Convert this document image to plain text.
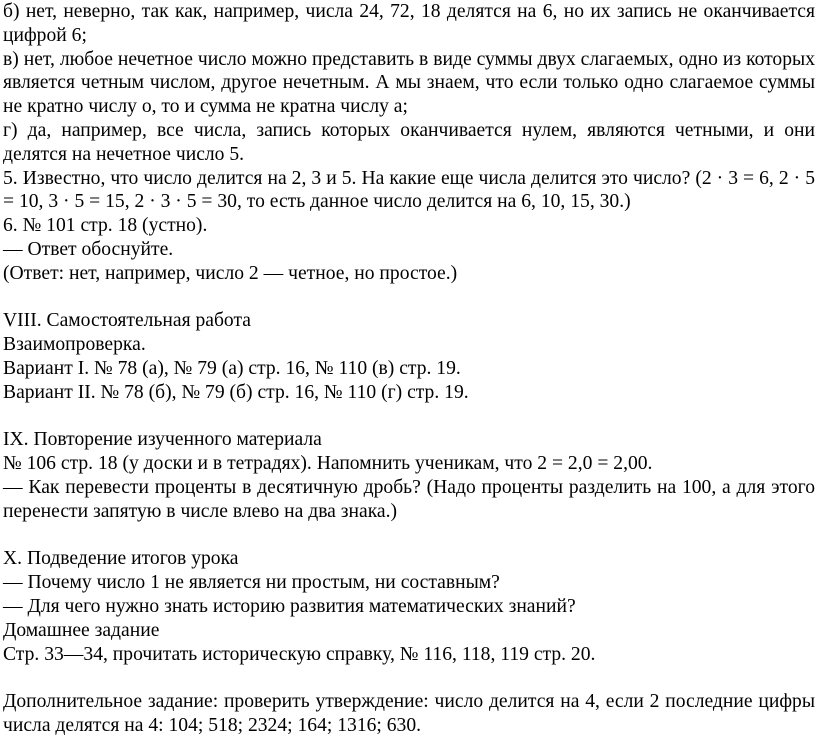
б) нет, неверно, так как, например, числа 24, 72, 18 делятся на 6, но их запись не оканчивается цифрой 6;

в) нет, любое нечетное число можно представить в виде суммы двух слагаемых, одно из которых является четным числом, другое нечетным. А мы знаем, что если только одно слагаемое суммы не кратно числу о, то и сумма не кратна числу а;

г) да, например, все числа, запись которых оканчивается нулем, являются четными, и они делятся на нечетное число 5.

5. Известно, что число делится на 2, 3 и 5. На какие еще числа делится это число? (2 · 3 = 6, 2 · 5 = 10, 3 · 5 = 15, 2 · 3 · 5 = 30, то есть данное число делится на 6, 10, 15, 30.)

6. № 101 стр. 18 (устно).

— Ответ обоснуйте.

(Ответ: нет, например, число 2 — четное, но простое.)

VIII. Самостоятельная работа

Взаимопроверка.

Вариант I. № 78 (а), № 79 (а) стр. 16, № 110 (в) стр. 19.

Вариант II. № 78 (б), № 79 (б) стр. 16, № 110 (г) стр. 19.

IX. Повторение изученного материала

№ 106 стр. 18 (у доски и в тетрадях). Напомнить ученикам, что 2 = 2,0 = 2,00.

— Как перевести проценты в десятичную дробь? (Надо проценты разделить на 100, а для этого перенести запятую в числе влево на два знака.)

X. Подведение итогов урока

— Почему число 1 не является ни простым, ни составным?

— Для чего нужно знать историю развития математических знаний?

Домашнее задание

Стр. 33—34, прочитать историческую справку, № 116, 118, 119 стр. 20.

Дополнительное задание: проверить утверждение: число делится на 4, если 2 последние цифры числа делятся на 4: 104; 518; 2324; 164; 1316; 630.
